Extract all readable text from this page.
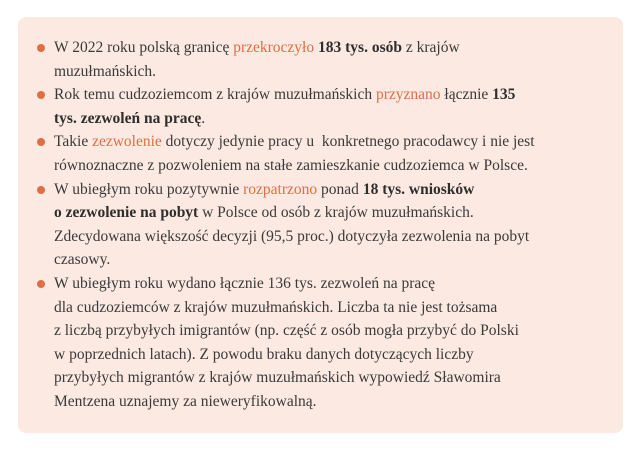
W 2022 roku polską granicę przekroczyło 183 tys. osób z krajów
muzułmańskich.
Rok temu cudzoziemcom z krajów muzułmańskich przyznano łącznie 135
tys. zezwoleń na pracę.
Takie zezwolenie dotyczy jedynie pracy u  konkretnego pracodawcy i nie jest
równoznaczne z pozwoleniem na stałe zamieszkanie cudzoziemca w Polsce.
W ubiegłym roku pozytywnie rozpatrzono ponad 18 tys. wniosków
o zezwolenie na pobyt w Polsce od osób z krajów muzułmańskich.
Zdecydowana większość decyzji (95,5 proc.) dotyczyła zezwolenia na pobyt
czasowy.
W ubiegłym roku wydano łącznie 136 tys. zezwoleń na pracę
dla cudzoziemców z krajów muzułmańskich. Liczba ta nie jest tożsama
z liczbą przybyłych imigrantów (np. część z osób mogła przybyć do Polski
w poprzednich latach). Z powodu braku danych dotyczących liczby
przybyłych migrantów z krajów muzułmańskich wypowiedź Sławomira
Mentzena uznajemy za nieweryfikowalną.
